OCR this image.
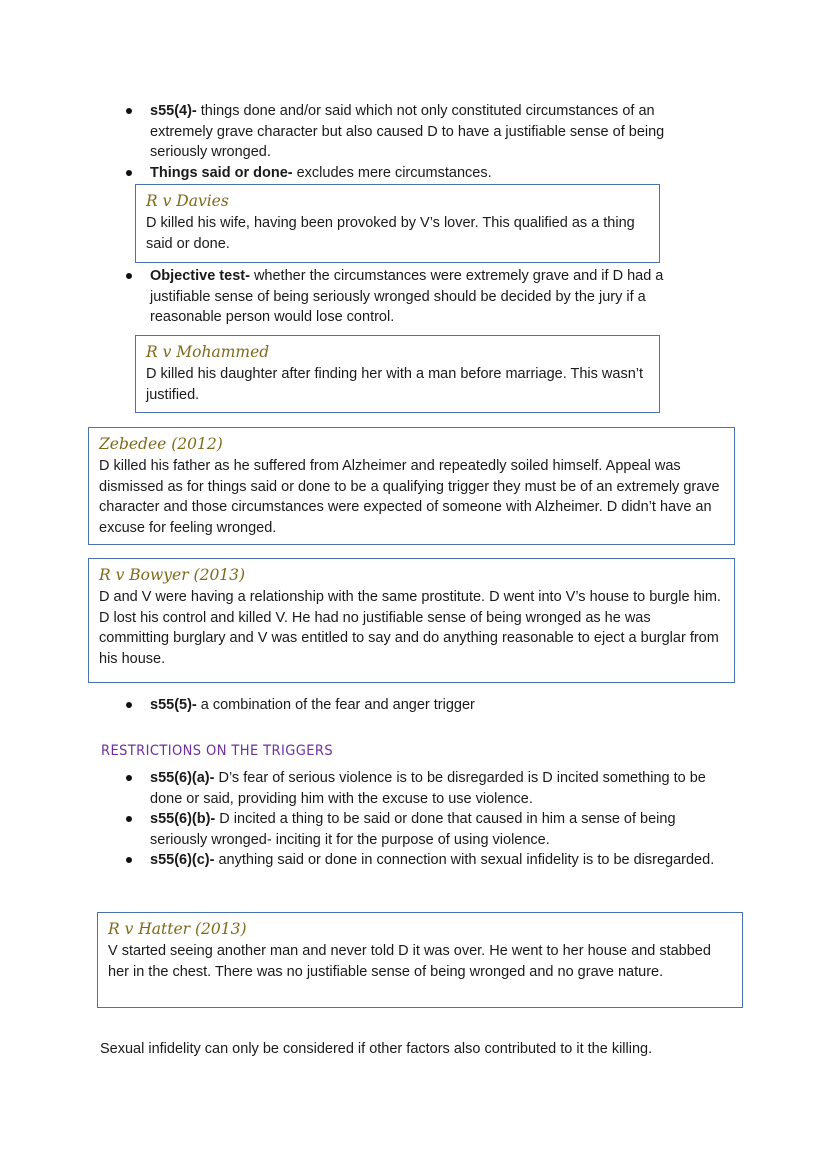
s55(4)- things done and/or said which not only constituted circumstances of an extremely grave character but also caused D to have a justifiable sense of being seriously wronged.
Things said or done- excludes mere circumstances.
R v Davies
D killed his wife, having been provoked by V’s lover. This qualified as a thing said or done.
Objective test- whether the circumstances were extremely grave and if D had a justifiable sense of being seriously wronged should be decided by the jury if a reasonable person would lose control.
R v Mohammed
D killed his daughter after finding her with a man before marriage. This wasn’t justified.
Zebedee (2012)
D killed his father as he suffered from Alzheimer and repeatedly soiled himself. Appeal was dismissed as for things said or done to be a qualifying trigger they must be of an extremely grave character and those circumstances were expected of someone with Alzheimer. D didn’t have an excuse for feeling wronged.
R v Bowyer (2013)
D and V were having a relationship with the same prostitute. D went into V’s house to burgle him. D lost his control and killed V. He had no justifiable sense of being wronged as he was committing burglary and V was entitled to say and do anything reasonable to eject a burglar from his house.
s55(5)- a combination of the fear and anger trigger
RESTRICTIONS ON THE TRIGGERS
s55(6)(a)- D’s fear of serious violence is to be disregarded is D incited something to be done or said, providing him with the excuse to use violence.
s55(6)(b)- D incited a thing to be said or done that caused in him a sense of being seriously wronged- inciting it for the purpose of using violence.
s55(6)(c)- anything said or done in connection with sexual infidelity is to be disregarded.
R v Hatter (2013)
V started seeing another man and never told D it was over. He went to her house and stabbed her in the chest. There was no justifiable sense of being wronged and no grave nature.
Sexual infidelity can only be considered if other factors also contributed to it the killing.
